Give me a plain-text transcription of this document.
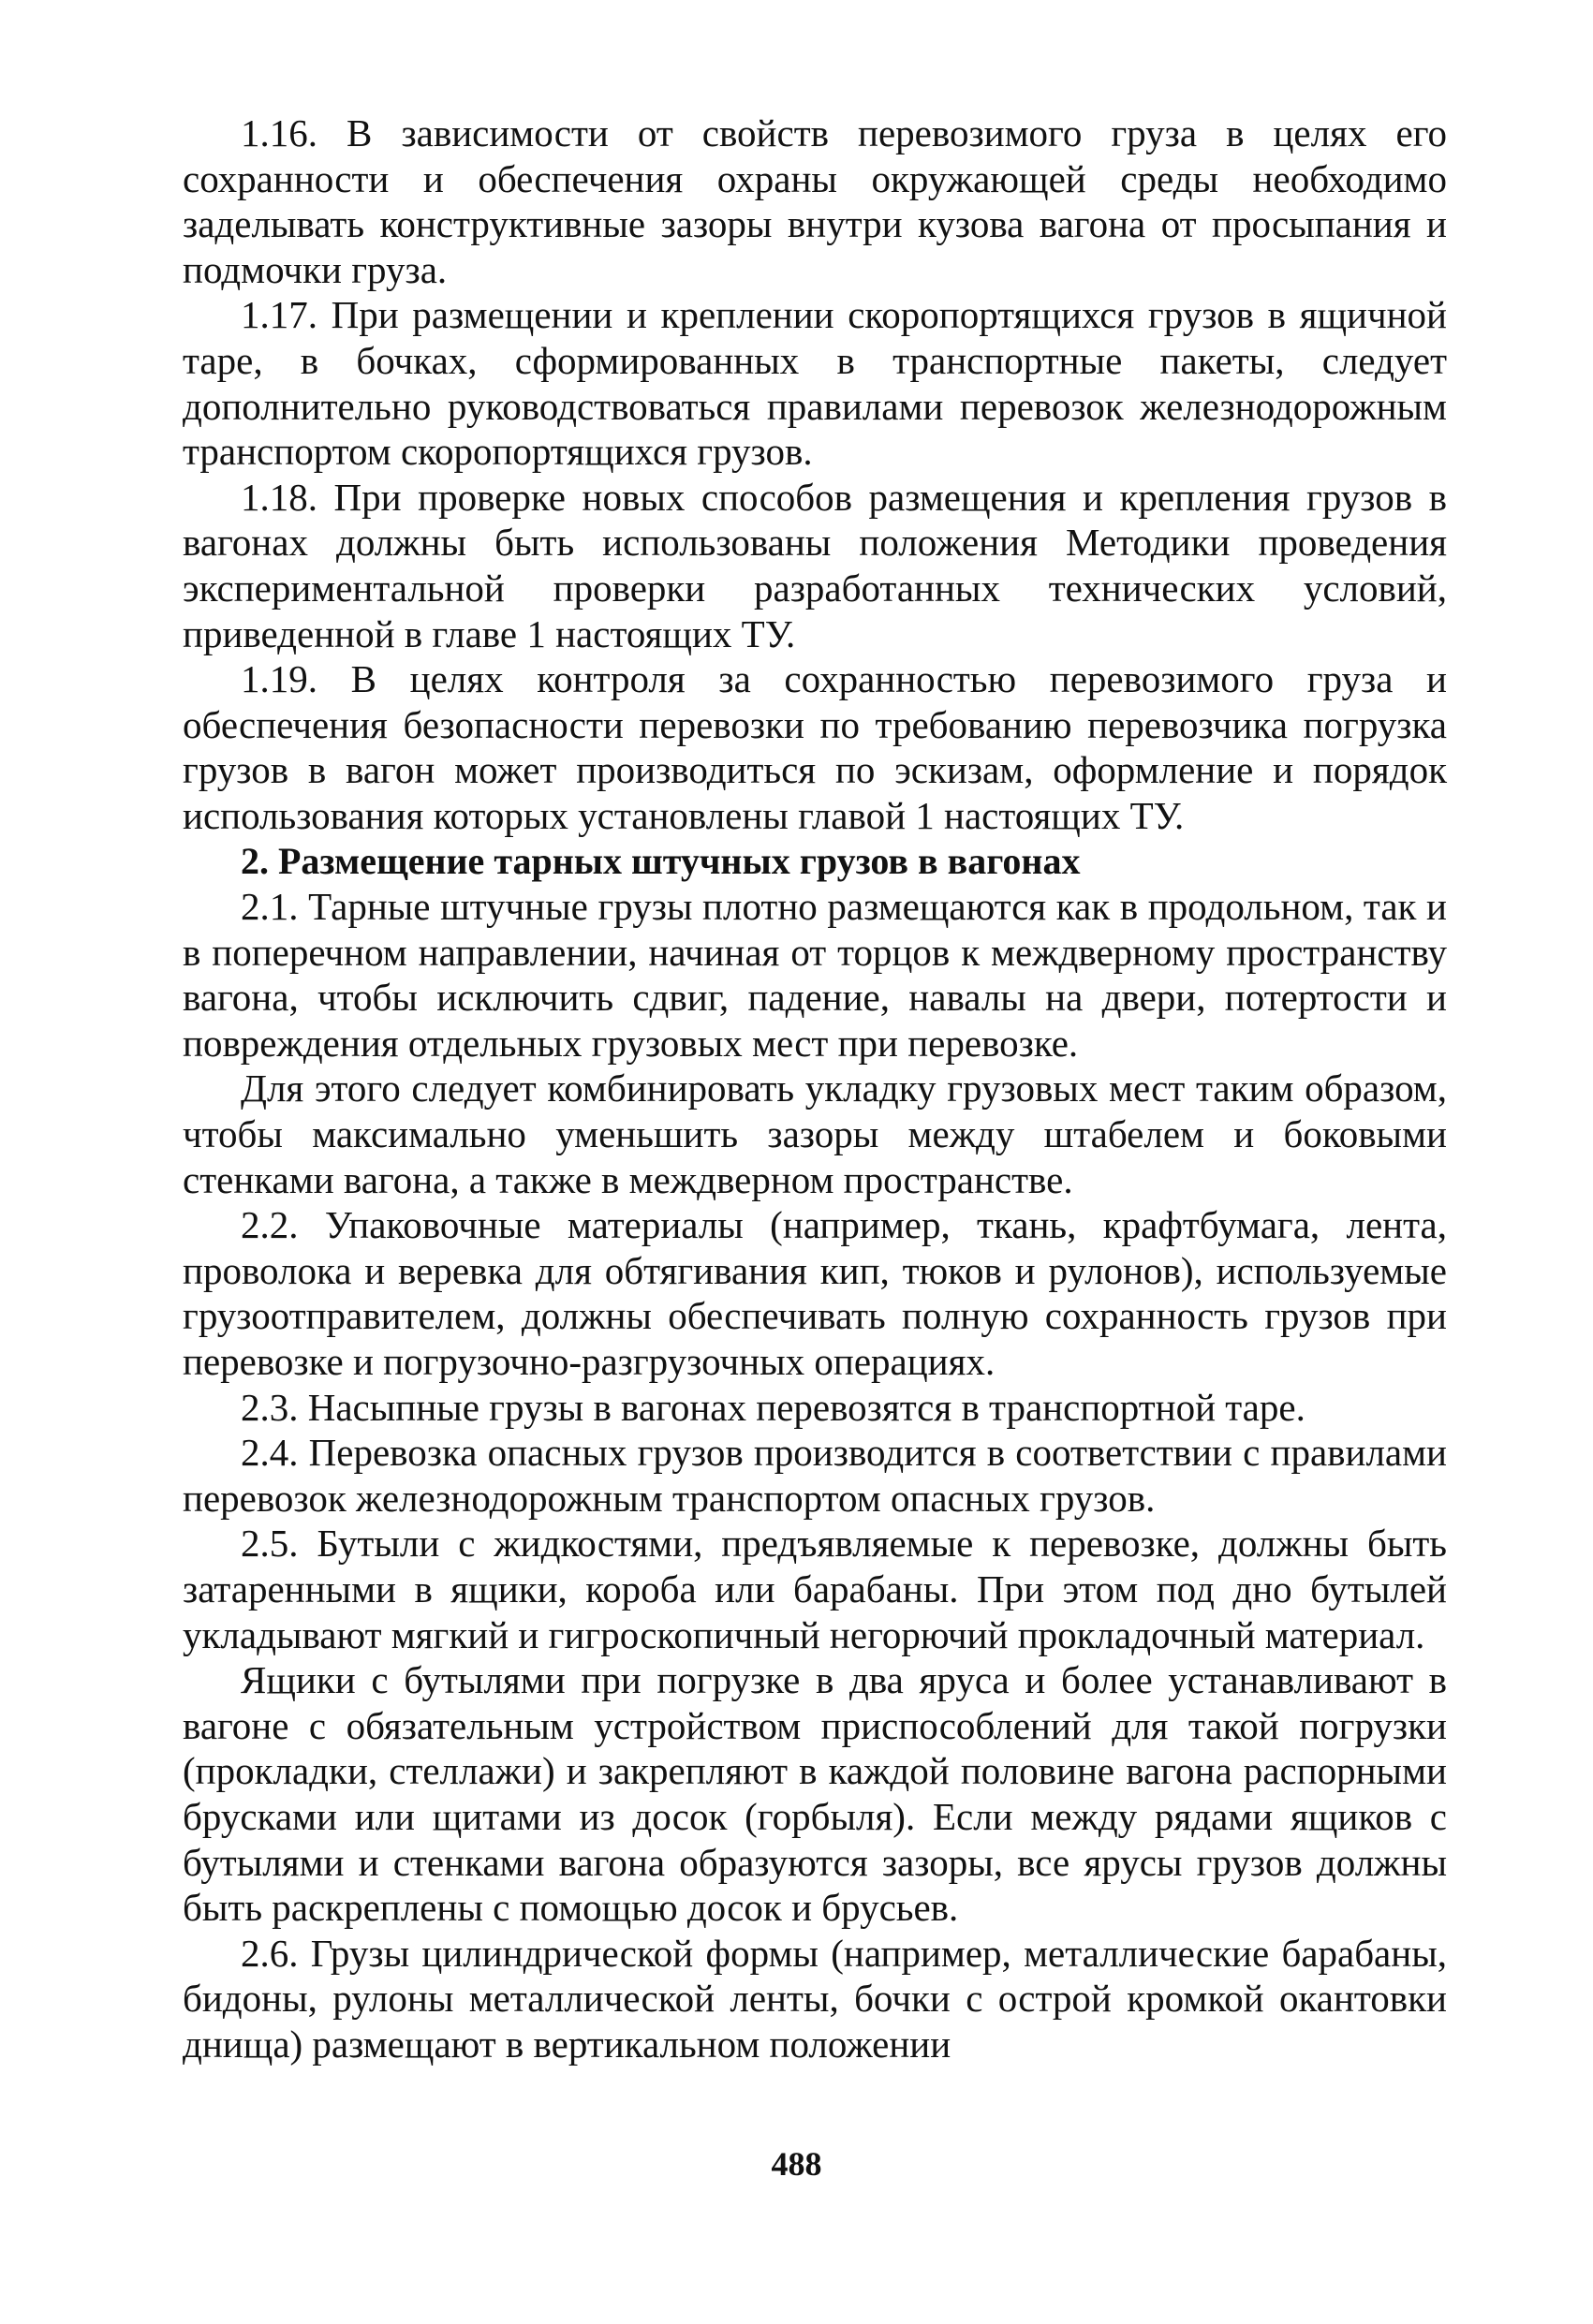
1.16. В зависимости от свойств перевозимого груза в целях его сохранности и обеспечения охраны окружающей среды необходимо заделывать конструктивные зазоры внутри кузова вагона от просыпания и подмочки груза.

1.17. При размещении и креплении скоропортящихся грузов в ящичной таре, в бочках, сформированных в транспортные пакеты, следует дополнительно руководствоваться правилами перевозок железнодорожным транспортом скоропортящихся грузов.

1.18. При проверке новых способов размещения и крепления грузов в вагонах должны быть использованы положения Методики проведения экспериментальной проверки разработанных технических условий, приведенной в главе 1 настоящих ТУ.

1.19. В целях контроля за сохранностью перевозимого груза и обеспечения безопасности перевозки по требованию перевозчика погрузка грузов в вагон может производиться по эскизам, оформление и порядок использования которых установлены главой 1 настоящих ТУ.

2. Размещение тарных штучных грузов в вагонах

2.1. Тарные штучные грузы плотно размещаются как в продольном, так и в поперечном направлении, начиная от торцов к междверному пространству вагона, чтобы исключить сдвиг, падение, навалы на двери, потертости и повреждения отдельных грузовых мест при перевозке.

Для этого следует комбинировать укладку грузовых мест таким образом, чтобы максимально уменьшить зазоры между штабелем и боковыми стенками вагона, а также в междверном пространстве.

2.2. Упаковочные материалы (например, ткань, крафтбумага, лента, проволока и веревка для обтягивания кип, тюков и рулонов), используемые грузоотправителем, должны обеспечивать полную сохранность грузов при перевозке и погрузочно-разгрузочных операциях.

2.3. Насыпные грузы в вагонах перевозятся в транспортной таре.

2.4. Перевозка опасных грузов производится в соответствии с правилами перевозок железнодорожным транспортом опасных грузов.

2.5. Бутыли с жидкостями, предъявляемые к перевозке, должны быть затаренными в ящики, короба или барабаны. При этом под дно бутылей укладывают мягкий и гигроскопичный негорючий прокладочный материал.

Ящики с бутылями при погрузке в два яруса и более устанавливают в вагоне с обязательным устройством приспособлений для такой погрузки (прокладки, стеллажи) и закрепляют в каждой половине вагона распорными брусками или щитами из досок (горбыля). Если между рядами ящиков с бутылями и стенками вагона образуются зазоры, все ярусы грузов должны быть раскреплены с помощью досок и брусьев.

2.6. Грузы цилиндрической формы (например, металлические барабаны, бидоны, рулоны металлической ленты, бочки с острой кромкой окантовки днища) размещают в вертикальном положении

488
